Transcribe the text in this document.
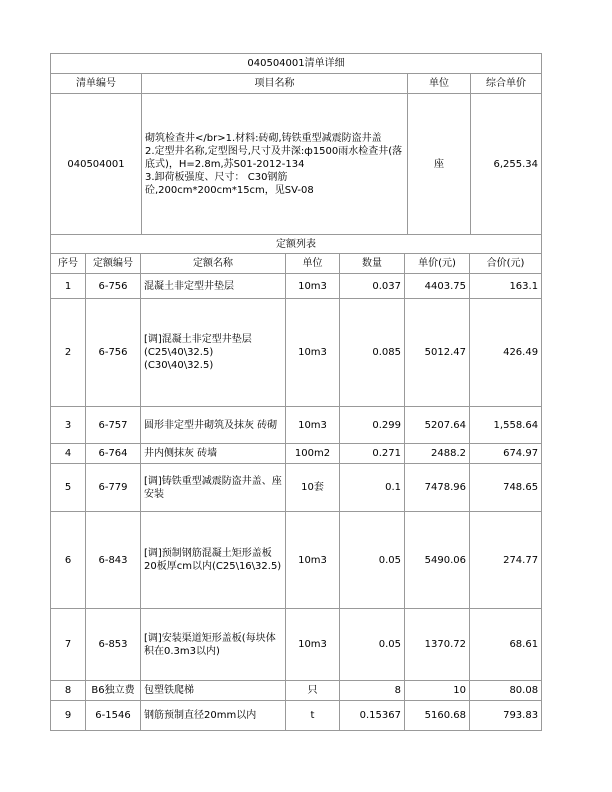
040504001清单详细			
清单编号	项目名称	单位	综合单价
040504001	砌筑检查井</br>1.材料:砖砌,铸铁重型减震防盗井盖
2.定型井名称,定型图号,尺寸及井深:ф1500雨水检查井(落底式)，H=2.8m,苏S01-2012-134
3.卸荷板强度、尺寸： C30钢筋砼,200cm*200cm*15cm，见SV-08	座	6,255.34
定额列表						
序号	定额编号	定额名称	单位	数量	单价(元)	合价(元)
1	6-756	混凝土非定型井垫层	10m3	0.037	4403.75	163.1
2	6-756	[调]混凝土非定型井垫层(C25\40\32.5)(C30\40\32.5)	10m3	0.085	5012.47	426.49
3	6-757	圆形非定型井砌筑及抹灰 砖砌	10m3	0.299	5207.64	1,558.64
4	6-764	井内侧抹灰 砖墙	100m2	0.271	2488.2	674.97
5	6-779	[调]铸铁重型减震防盗井盖、座安装	10套	0.1	7478.96	748.65
6	6-843	[调]预制钢筋混凝土矩形盖板20板厚cm以内(C25\16\32.5)	10m3	0.05	5490.06	274.77
7	6-853	[调]安装渠道矩形盖板(每块体积在0.3m3以内)	10m3	0.05	1370.72	68.61
8	B6独立费	包塑铁爬梯	只	8	10	80.08
9	6-1546	钢筋预制直径20mm以内	t	0.15367	5160.68	793.83
